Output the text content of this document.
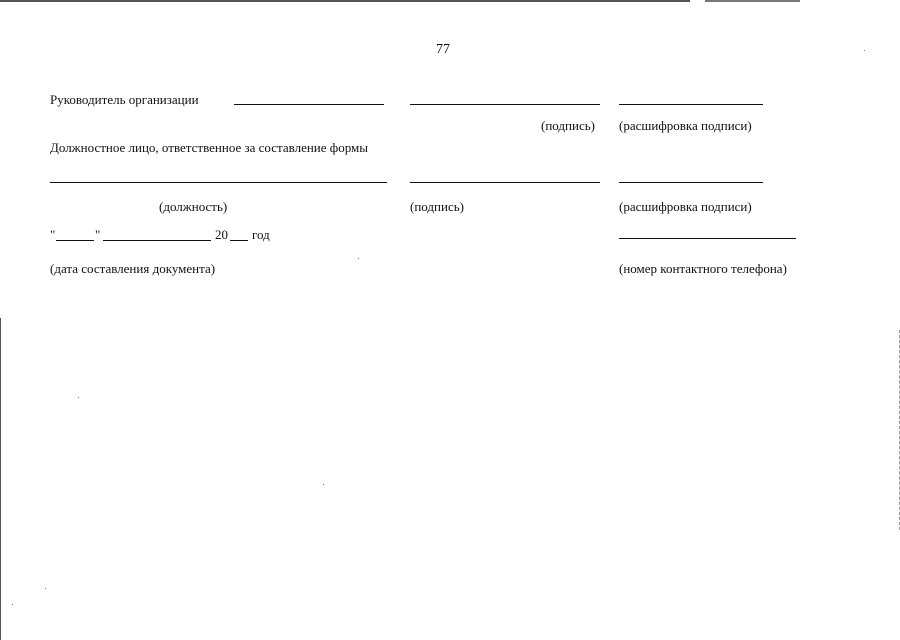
77
Руководитель организации
(подпись) (расшифровка подписи)
Должностное лицо, ответственное за составление формы
(должность)	(подпись)	(расшифровка подписи)
"	"	20 год
(дата составления документа)	(номер контактного телефона)
